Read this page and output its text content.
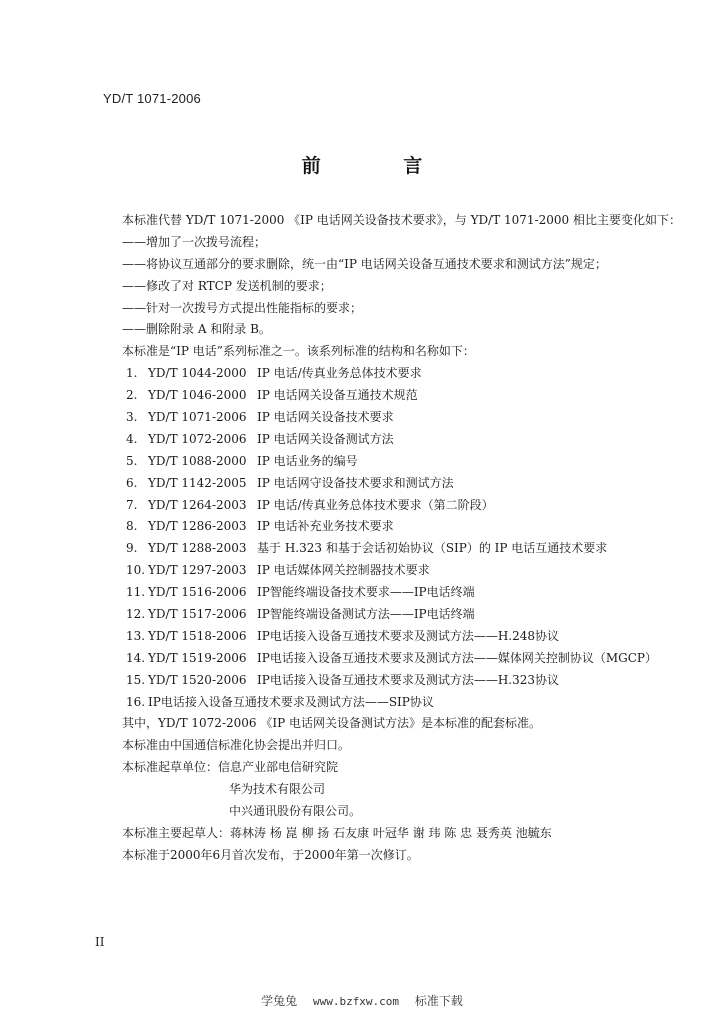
YD/T 1071-2006
前 言
本标准代替 YD/T 1071-2000 《IP 电话网关设备技术要求》，与 YD/T 1071-2000 相比主要变化如下：
——增加了一次拨号流程；
——将协议互通部分的要求删除，统一由“IP 电话网关设备互通技术要求和测试方法”规定；
——修改了对 RTCP 发送机制的要求；
——针对一次拨号方式提出性能指标的要求；
——删除附录 A 和附录 B。
本标准是“IP 电话”系列标准之一。该系列标准的结构和名称如下：
1. YD/T 1044-2000 IP 电话/传真业务总体技术要求
2. YD/T 1046-2000 IP 电话网关设备互通技术规范
3. YD/T 1071-2006 IP 电话网关设备技术要求
4. YD/T 1072-2006 IP 电话网关设备测试方法
5. YD/T 1088-2000 IP 电话业务的编号
6. YD/T 1142-2005 IP 电话网守设备技术要求和测试方法
7. YD/T 1264-2003 IP 电话/传真业务总体技术要求（第二阶段）
8. YD/T 1286-2003 IP 电话补充业务技术要求
9. YD/T 1288-2003 基于 H.323 和基于会话初始协议（SIP）的 IP 电话互通技术要求
10. YD/T 1297-2003 IP 电话媒体网关控制器技术要求
11. YD/T 1516-2006 IP智能终端设备技术要求——IP电话终端
12. YD/T 1517-2006 IP智能终端设备测试方法——IP电话终端
13. YD/T 1518-2006 IP电话接入设备互通技术要求及测试方法——H.248协议
14. YD/T 1519-2006 IP电话接入设备互通技术要求及测试方法——媒体网关控制协议（MGCP）
15. YD/T 1520-2006 IP电话接入设备互通技术要求及测试方法——H.323协议
16. IP电话接入设备互通技术要求及测试方法——SIP协议
其中，YD/T 1072-2006 《IP 电话网关设备测试方法》是本标准的配套标准。
本标准由中国通信标准化协会提出并归口。
本标准起草单位：信息产业部电信研究院
华为技术有限公司
中兴通讯股份有限公司。
本标准主要起草人：蒋林涛 杨 崑 柳 扬 石友康 叶冠华 谢 玮 陈 忠 聂秀英 池毓东
本标准于2000年6月首次发布，于2000年第一次修订。
II
学兔兔 www.bzfxw.com 标准下载
